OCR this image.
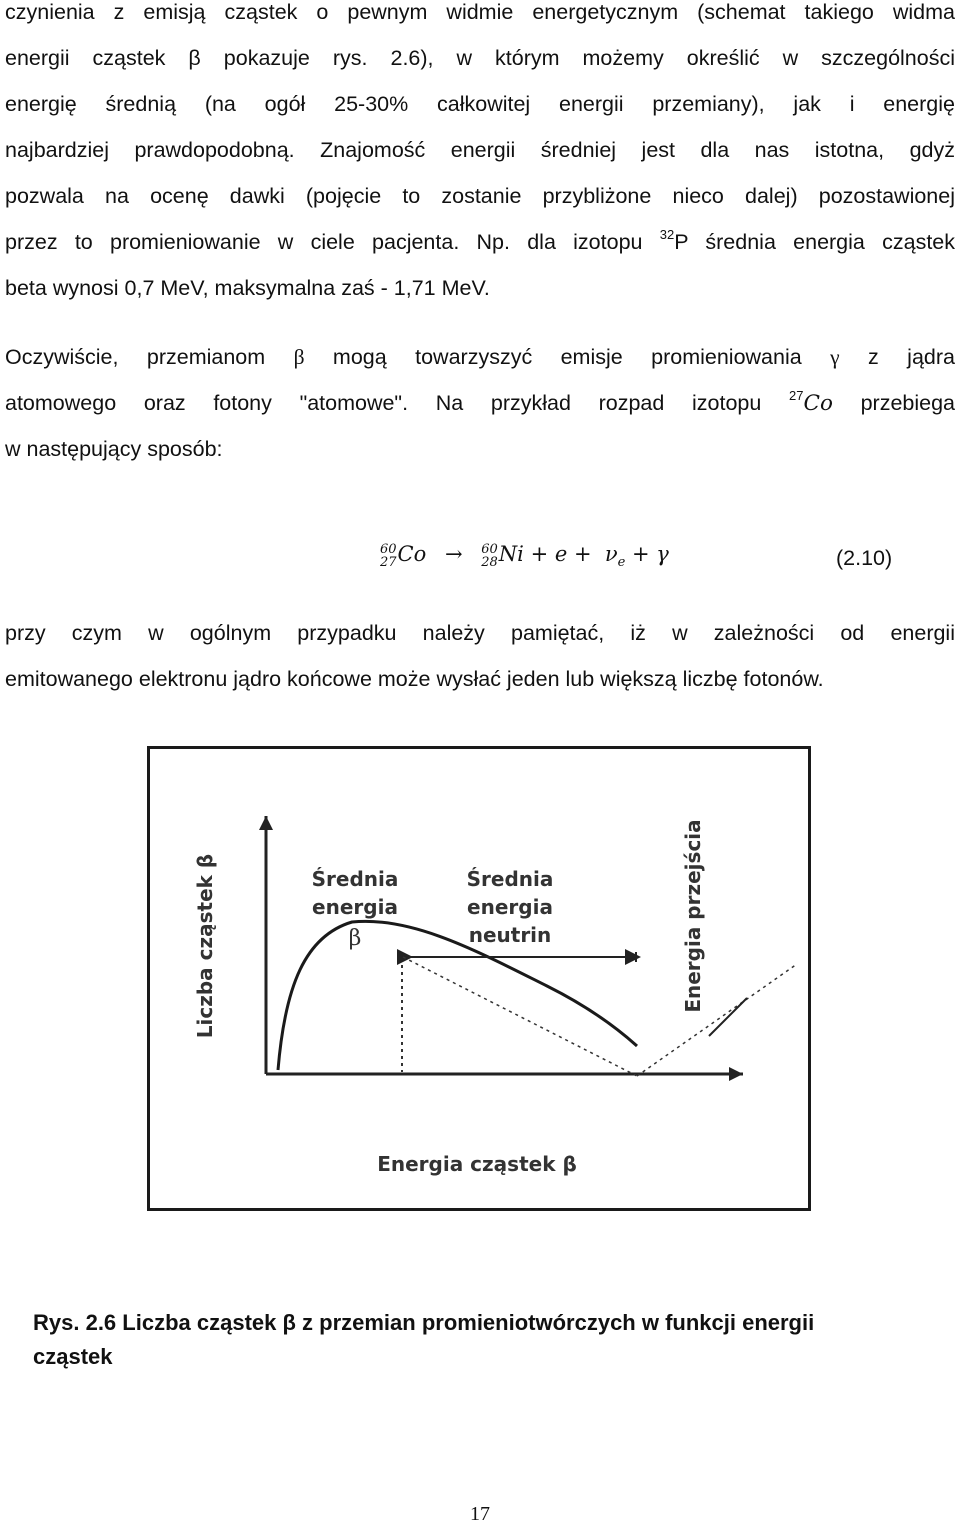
czynienia z emisją cząstek o pewnym widmie energetycznym (schemat takiego widma
energii cząstek β pokazuje rys. 2.6), w którym możemy określić w szczególności
energię średnią (na ogół 25-30% całkowitej energii przemiany), jak i energię
najbardziej prawdopodobną. Znajomość energii średniej jest dla nas istotna, gdyż
pozwala na ocenę dawki (pojęcie to zostanie przybliżone nieco dalej) pozostawionej
przez to promieniowanie w ciele pacjenta. Np. dla izotopu $^{32}$P średnia energia cząstek
beta wynosi 0,7 MeV, maksymalna zaś - 1,71 MeV.
Oczywiście, przemianom β mogą towarzyszyć emisje promieniowania γ z jądra
atomowego oraz fotony "atomowe". Na przykład rozpad izotopu $^{27}$Co przebiega
w następujący sposób:
60
27 Co → 60
28 $Ni + e + \nu_e + \gamma$	(2.10)
przy czym w ogólnym przypadku należy pamiętać, iż w zależności od energii
emitowanego elektronu jądro końcowe może wysłać jeden lub większą liczbę fotonów.
Liczba cząstek β	Średnia
energia
β
Średnia
energia
neutrin	Energia przejścia
Energia cząstek β
Rys. 2.6 Liczba cząstek β z przemian promieniotwórczych w funkcji energii
cząstek
17
